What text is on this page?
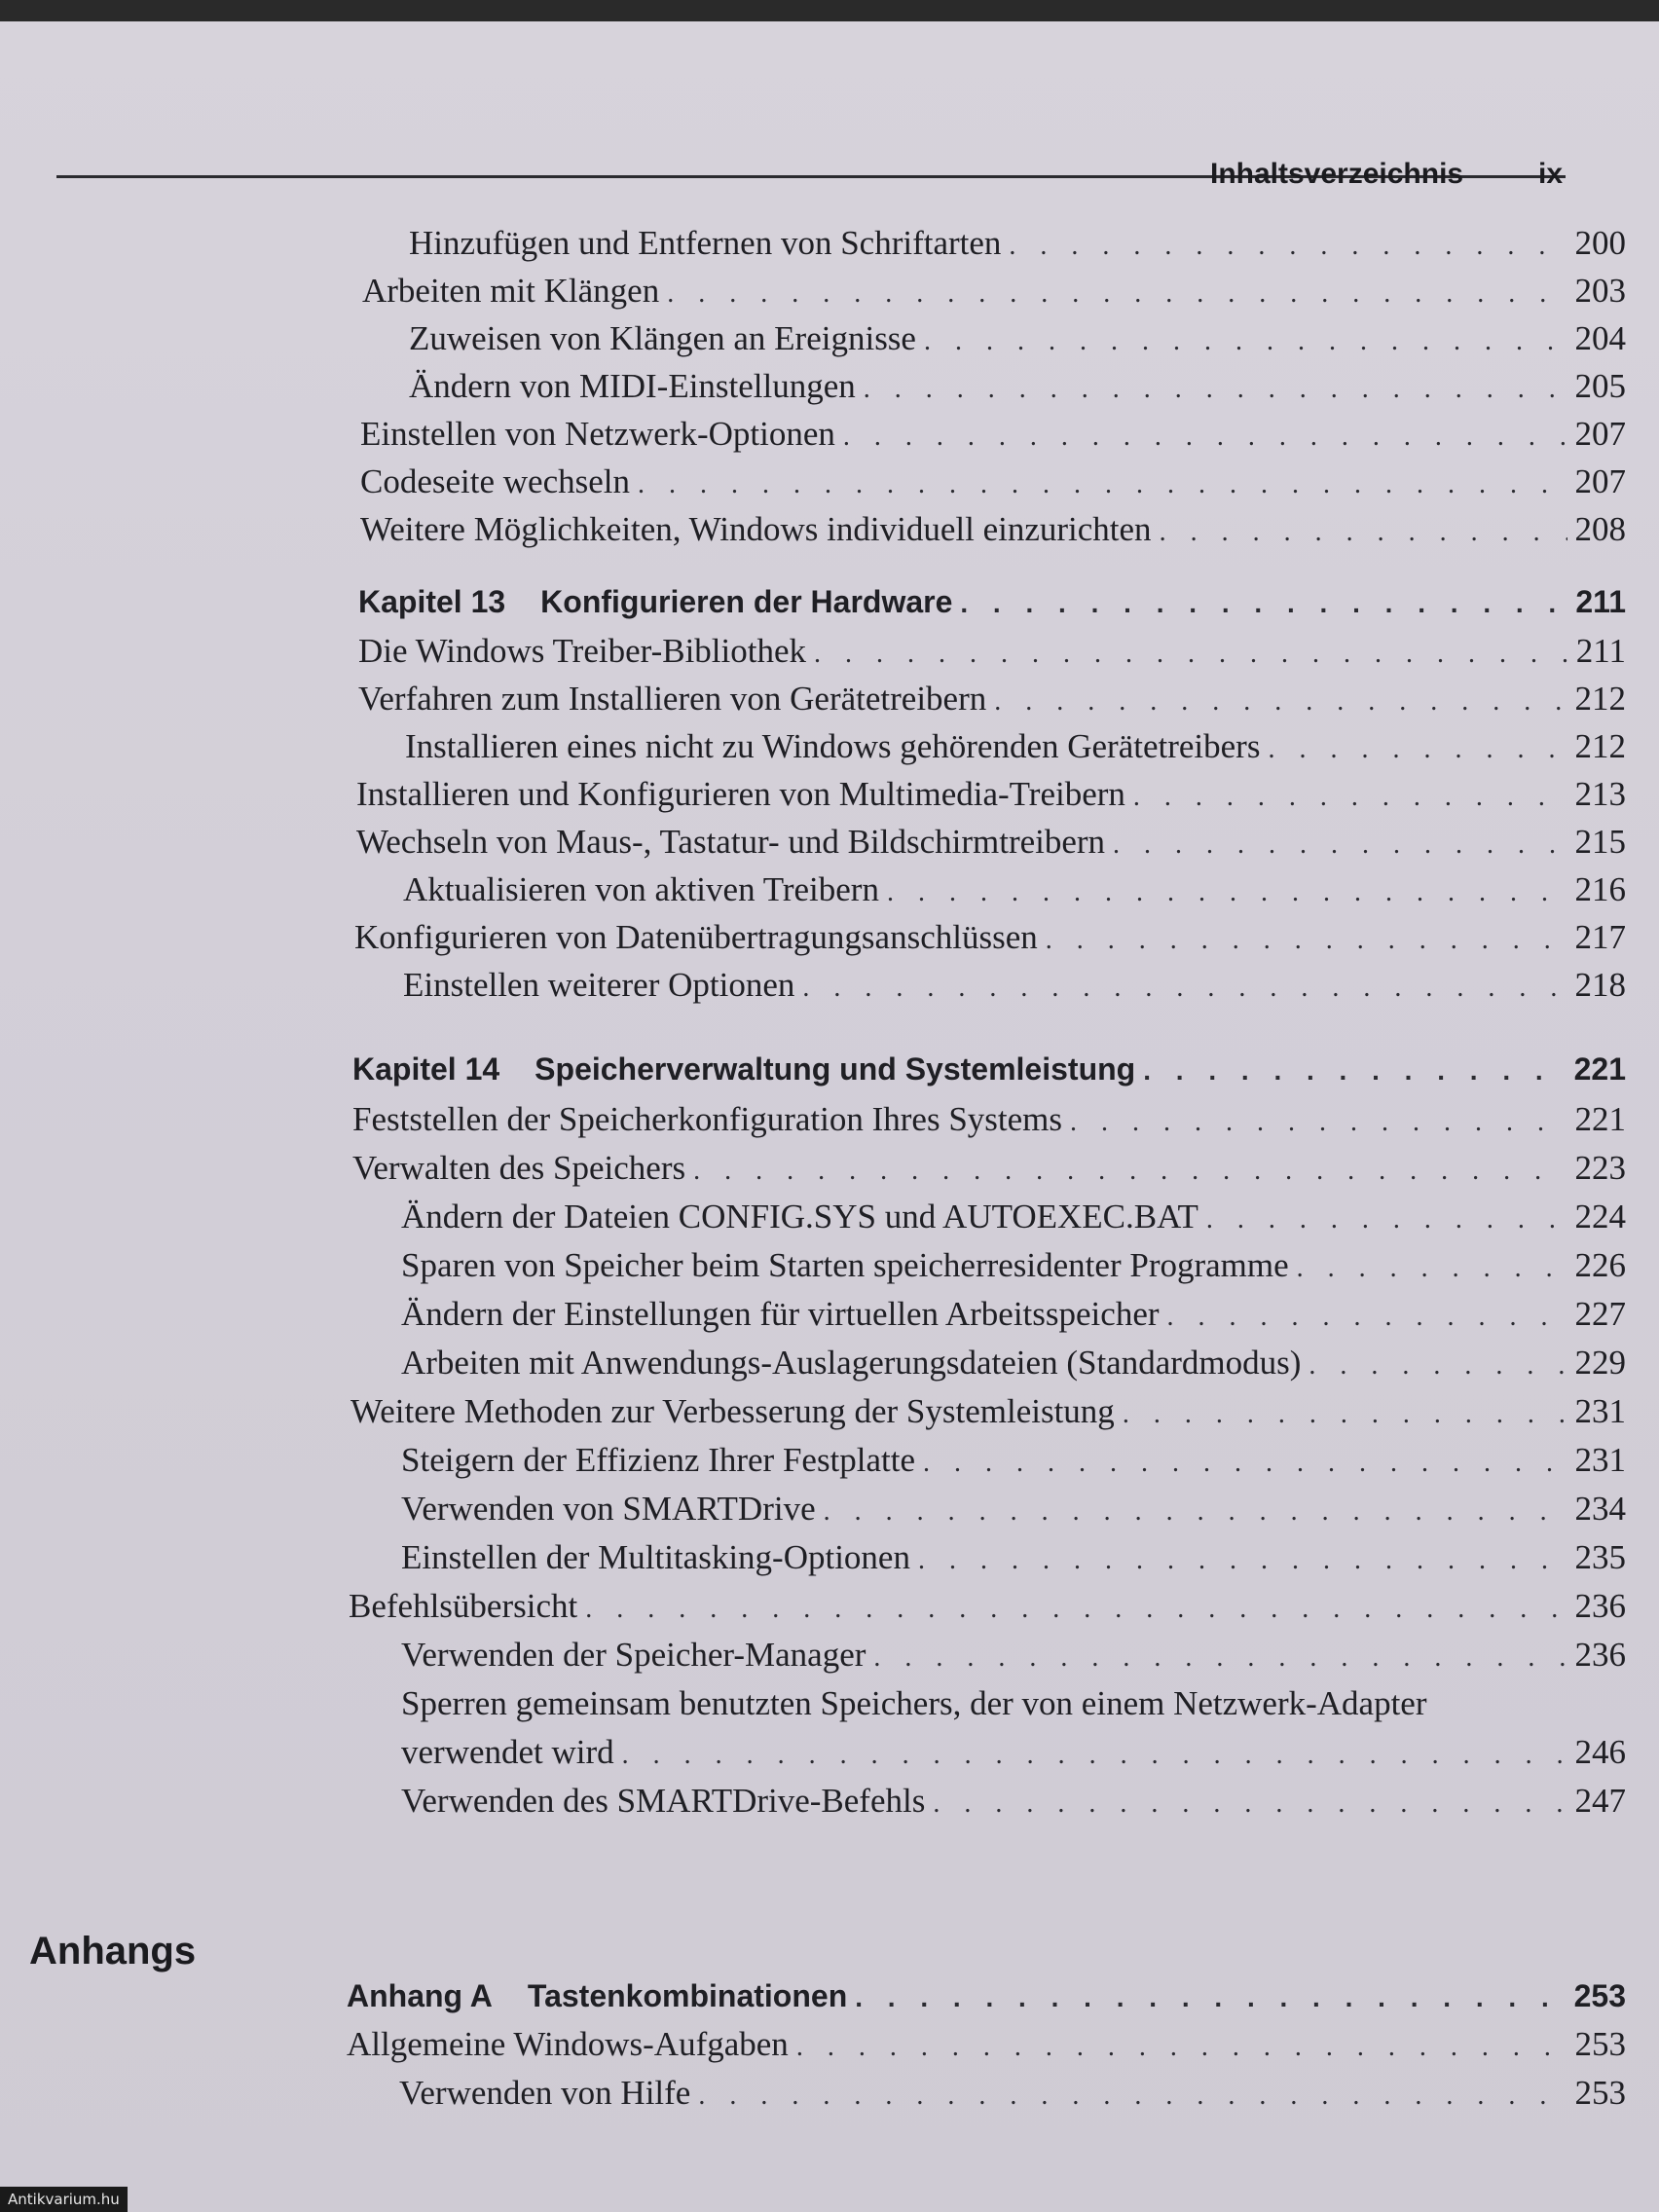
Inhaltsverzeichnis	ix
Hinzufügen und Entfernen von Schriftarten . . .	200
Arbeiten mit Klängen . . .	203
Zuweisen von Klängen an Ereignisse . . .	204
Ändern von MIDI-Einstellungen . . .	205
Einstellen von Netzwerk-Optionen . . .	207
Codeseite wechseln . . .	207
Weitere Möglichkeiten, Windows individuell einzurichten . . .	208
Kapitel 13 Konfigurieren der Hardware . . .	211
Die Windows Treiber-Bibliothek . . .	211
Verfahren zum Installieren von Gerätetreibern . . .	212
Installieren eines nicht zu Windows gehörenden Gerätetreibers . . .	212
Installieren und Konfigurieren von Multimedia-Treibern . . .	213
Wechseln von Maus-, Tastatur- und Bildschirmtreibern . . .	215
Aktualisieren von aktiven Treibern . . .	216
Konfigurieren von Datenübertragungsanschlüssen . . .	217
Einstellen weiterer Optionen . . .	218
Kapitel 14 Speicherverwaltung und Systemleistung . . .	221
Feststellen der Speicherkonfiguration Ihres Systems . . .	221
Verwalten des Speichers . . .	223
Ändern der Dateien CONFIG.SYS und AUTOEXEC.BAT . . .	224
Sparen von Speicher beim Starten speicherresidenter Programme . . .	226
Ändern der Einstellungen für virtuellen Arbeitsspeicher . . .	227
Arbeiten mit Anwendungs-Auslagerungsdateien (Standardmodus) . . .	229
Weitere Methoden zur Verbesserung der Systemleistung . . .	231
Steigern der Effizienz Ihrer Festplatte . . .	231
Verwenden von SMARTDrive . . .	234
Einstellen der Multitasking-Optionen . . .	235
Befehlsübersicht . . .	236
Verwenden der Speicher-Manager . . .	236
Sperren gemeinsam benutzten Speichers, der von einem Netzwerk-Adapter
verwendet wird . . .	246
Verwenden des SMARTDrive-Befehls . . .	247
Anhang A Tastenkombinationen . . .	253
Allgemeine Windows-Aufgaben . . .	253
Verwenden von Hilfe . . .	253
Anhangs
Antikvarium.hu
